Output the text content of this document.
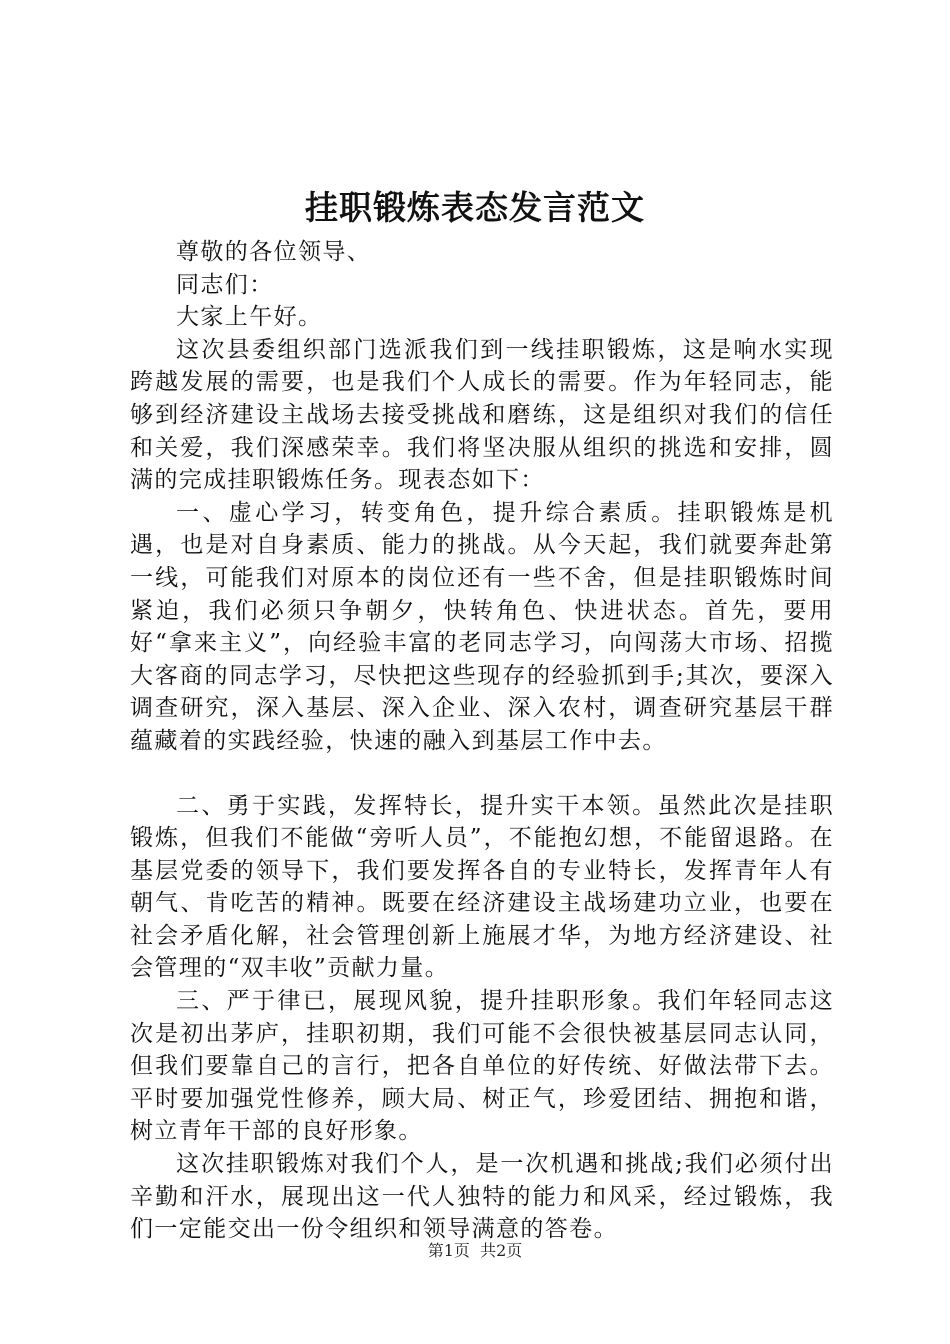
挂职锻炼表态发言范文

尊敬的各位领导、

同志们：

大家上午好。

这次县委组织部门选派我们到一线挂职锻炼，这是响水实现跨越发展的需要，也是我们个人成长的需要。作为年轻同志，能够到经济建设主战场去接受挑战和磨练，这是组织对我们的信任和关爱，我们深感荣幸。我们将坚决服从组织的挑选和安排，圆满的完成挂职锻炼任务。现表态如下：

一、虚心学习，转变角色，提升综合素质。挂职锻炼是机遇，也是对自身素质、能力的挑战。从今天起，我们就要奔赴第一线，可能我们对原本的岗位还有一些不舍，但是挂职锻炼时间紧迫，我们必须只争朝夕，快转角色、快进状态。首先，要用好“拿来主义”，向经验丰富的老同志学习，向闯荡大市场、招揽大客商的同志学习，尽快把这些现存的经验抓到手;其次，要深入调查研究，深入基层、深入企业、深入农村，调查研究基层干群蕴藏着的实践经验，快速的融入到基层工作中去。

二、勇于实践，发挥特长，提升实干本领。虽然此次是挂职锻炼，但我们不能做“旁听人员”，不能抱幻想，不能留退路。在基层党委的领导下，我们要发挥各自的专业特长，发挥青年人有朝气、肯吃苦的精神。既要在经济建设主战场建功立业，也要在社会矛盾化解，社会管理创新上施展才华，为地方经济建设、社会管理的“双丰收”贡献力量。

三、严于律已，展现风貌，提升挂职形象。我们年轻同志这次是初出茅庐，挂职初期，我们可能不会很快被基层同志认同，但我们要靠自己的言行，把各自单位的好传统、好做法带下去。平时要加强党性修养，顾大局、树正气，珍爱团结、拥抱和谐，树立青年干部的良好形象。

这次挂职锻炼对我们个人，是一次机遇和挑战;我们必须付出辛勤和汗水，展现出这一代人独特的能力和风采，经过锻炼，我们一定能交出一份令组织和领导满意的答卷。

第1页  共2页
